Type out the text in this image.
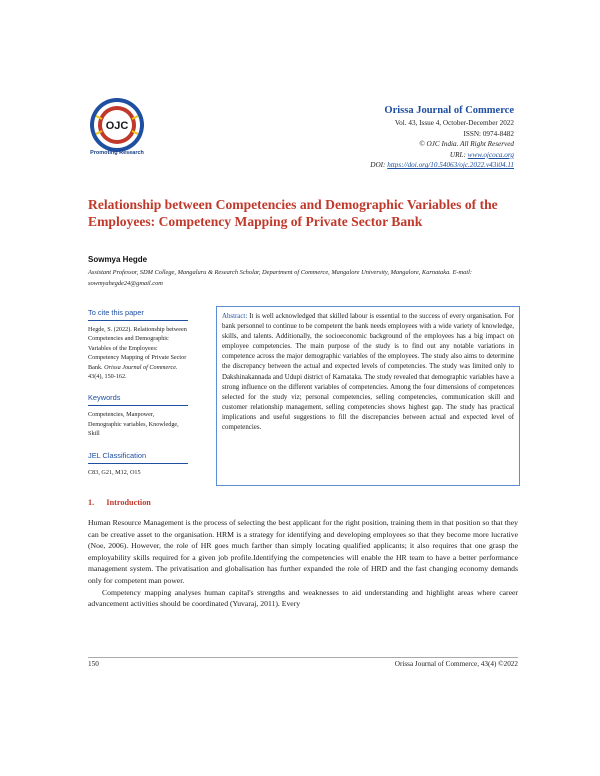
OJC
Promoting Research
Orissa Journal of Commerce
Vol. 43, Issue 4, October-December 2022
ISSN: 0974-8482
© OJC India. All Right Reserved
URL: www.ojcoca.org
DOI: https://doi.org/10.54063/ojc.2022.v43i04.11
Relationship between Competencies and Demographic Variables of the Employees: Competency Mapping of Private Sector Bank
Sowmya Hegde
Assistant Professor, SDM College, Mangaluru & Research Scholar, Department of Commerce, Mangalore University, Mangalore, Karnataka. E-mail: sowmyahegde24@gmail.com
To cite this paper
Hegde, S. (2022). Relationship between Competencies and Demographic Variables of the Employees: Competency Mapping of Private Sector Bank. Orissa Journal of Commerce. 43(4), 150-162.
Keywords
Competencies, Manpower, Demographic variables, Knowledge, Skill
JEL Classification
C83, G21, M12, O15
Abstract: It is well acknowledged that skilled labour is essential to the success of every organisation. For bank personnel to continue to be competent the bank needs employees with a wide variety of knowledge, skills, and talents. Additionally, the socioeconomic background of the employees has a big impact on employee competencies. The main purpose of the study is to find out any notable variations in competence across the major demographic variables of the employees. The study also aims to determine the discrepancy between the actual and expected levels of competencies. The study was limited only to Dakshinakannada and Udupi district of Karnataka. The study revealed that demographic variables have a strong influence on the different variables of competencies. Among the four dimensions of competences selected for the study viz; personal competencies, selling competencies, communication skill and customer relationship management, selling competencies shows highest gap. The study has practical implications and useful suggestions to fill the discrepancies between actual and expected level of competencies.
1.      Introduction

Human Resource Management is the process of selecting the best applicant for the right position, training them in that position so that they can be creative asset to the organisation. HRM is a strategy for identifying and developing employees so that they become more lucrative (Noe, 2006). However, the role of HR goes much farther than simply locating qualified applicants; it also requires that one grasp the employability skills required for a given job profile.Identifying the competencies will enable the HR team to have a better performance management system. The privatisation and globalisation has further expanded the role of HRD and the fast changing economy demands only for competent man power.

Competency mapping analyses human capital's strengths and weaknesses to aid understanding and highlight areas where career advancement activities should be coordinated (Yuvaraj, 2011). Every

150	Orissa Journal of Commerce, 43(4) ©2022
